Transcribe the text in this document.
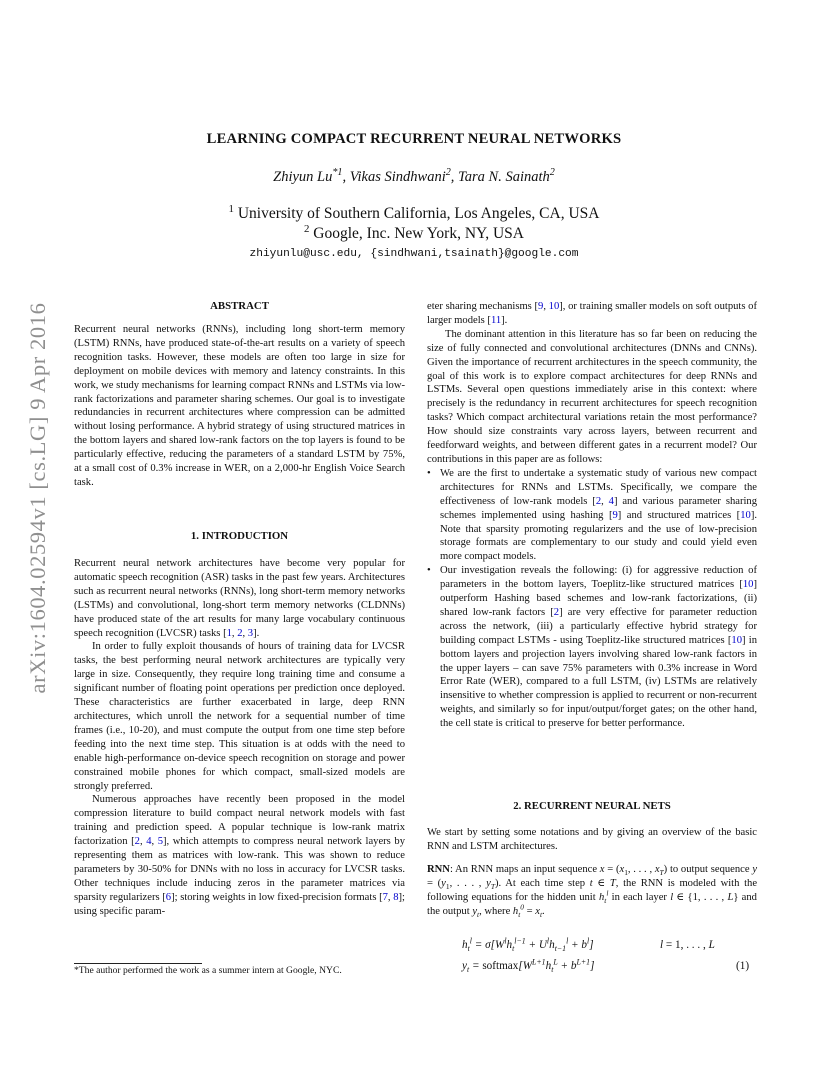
LEARNING COMPACT RECURRENT NEURAL NETWORKS
Zhiyun Lu$^{*1}$, Vikas Sindhwani$^2$, Tara N. Sainath$^2$
$^1$ University of Southern California, Los Angeles, CA, USA
$^2$ Google, Inc. New York, NY, USA
zhiyunlu@usc.edu, {sindhwani,tsainath}@google.com
arXiv:1604.02594v1 [cs.LG] 9 Apr 2016	ABSTRACT

Recurrent neural networks (RNNs), including long short-term memory (LSTM) RNNs, have produced state-of-the-art results on a variety of speech recognition tasks. However, these models are often too large in size for deployment on mobile devices with memory and latency constraints. In this work, we study mechanisms for learning compact RNNs and LSTMs via low-rank factorizations and parameter sharing schemes. Our goal is to investigate redundancies in recurrent architectures where compression can be admitted without losing performance. A hybrid strategy of using structured matrices in the bottom layers and shared low-rank factors on the top layers is found to be particularly effective, reducing the parameters of a standard LSTM by 75%, at a small cost of 0.3% increase in WER, on a 2,000-hr English Voice Search task.

1. INTRODUCTION

Recurrent neural network architectures have become very popular for automatic speech recognition (ASR) tasks in the past few years. Architectures such as recurrent neural networks (RNNs), long short-term memory networks (LSTMs) and convolutional, long-short term memory networks (CLDNNs) have produced state of the art results for many large vocabulary continuous speech recognition (LVCSR) tasks [1, 2, 3].

In order to fully exploit thousands of hours of training data for LVCSR tasks, the best performing neural network architectures are typically very large in size. Consequently, they require long training time and consume a significant number of floating point operations per prediction once deployed. These characteristics are further exacerbated in large, deep RNN architectures, which unroll the network for a sequential number of time frames (i.e., 10-20), and must compute the output from one time step before feeding into the next time step. This situation is at odds with the need to enable high-performance on-device speech recognition on storage and power constrained mobile phones for which compact, small-sized models are strongly preferred.

Numerous approaches have recently been proposed in the model compression literature to build compact neural network models with fast training and prediction speed. A popular technique is low-rank matrix factorization [2, 4, 5], which attempts to compress neural network layers by representing them as matrices with low-rank. This was shown to reduce parameters by 30-50% for DNNs with no loss in accuracy for LVCSR tasks. Other techniques include inducing zeros in the parameter matrices via sparsity regularizers [6]; storing weights in low fixed-precision formats [7, 8]; using specific param-

*The author performed the work as a summer intern at Google, NYC.

eter sharing mechanisms [9, 10], or training smaller models on soft outputs of larger models [11].

The dominant attention in this literature has so far been on reducing the size of fully connected and convolutional architectures (DNNs and CNNs). Given the importance of recurrent architectures in the speech community, the goal of this work is to explore compact architectures for deep RNNs and LSTMs. Several open questions immediately arise in this context: where precisely is the redundancy in recurrent architectures for speech recognition tasks? Which compact architectural variations retain the most performance? How should size constraints vary across layers, between recurrent and feedforward weights, and between different gates in a recurrent model? Our contributions in this paper are as follows:

• We are the first to undertake a systematic study of various new compact architectures for RNNs and LSTMs. Specifically, we compare the effectiveness of low-rank models [2, 4] and various parameter sharing schemes implemented using hashing [9] and structured matrices [10]. Note that sparsity promoting regularizers and the use of low-precision storage formats are complementary to our study and could yield even more compact models.
• Our investigation reveals the following: (i) for aggressive reduction of parameters in the bottom layers, Toeplitz-like structured matrices [10] outperform Hashing based schemes and low-rank factorizations, (ii) shared low-rank factors [2] are very effective for parameter reduction across the network, (iii) a particularly effective hybrid strategy for building compact LSTMs - using Toeplitz-like structured matrices [10] in bottom layers and projection layers involving shared low-rank factors in the upper layers – can save 75% parameters with 0.3% increase in Word Error Rate (WER), compared to a full LSTM, (iv) LSTMs are relatively insensitive to whether compression is applied to recurrent or non-recurrent weights, and similarly so for input/output/forget gates; on the other hand, the cell state is critical to preserve for better performance.
2. RECURRENT NEURAL NETS

We start by setting some notations and by giving an overview of the basic RNN and LSTM architectures.

RNN: An RNN maps an input sequence $x = (x_1$, . . . , $x_T$) to output sequence $y = (y_1$, . . . , $y_T$). At each time step t ∈ T, the RNN is modeled with the following equations for the hidden unit $h_t^l$ in each layer l ∈ {1, . . . , L} and the output $y_t$, where $h_t^0 = x_t$.

$h_t^l = \sigma[W^lh_t^{l-1} + U^lh_{t-1}^l + b^l]$	l = 1, . . . , L
$y_t$ = $softmax[W^{L+1}h_t^L + b^{L+1}]$	(1)
